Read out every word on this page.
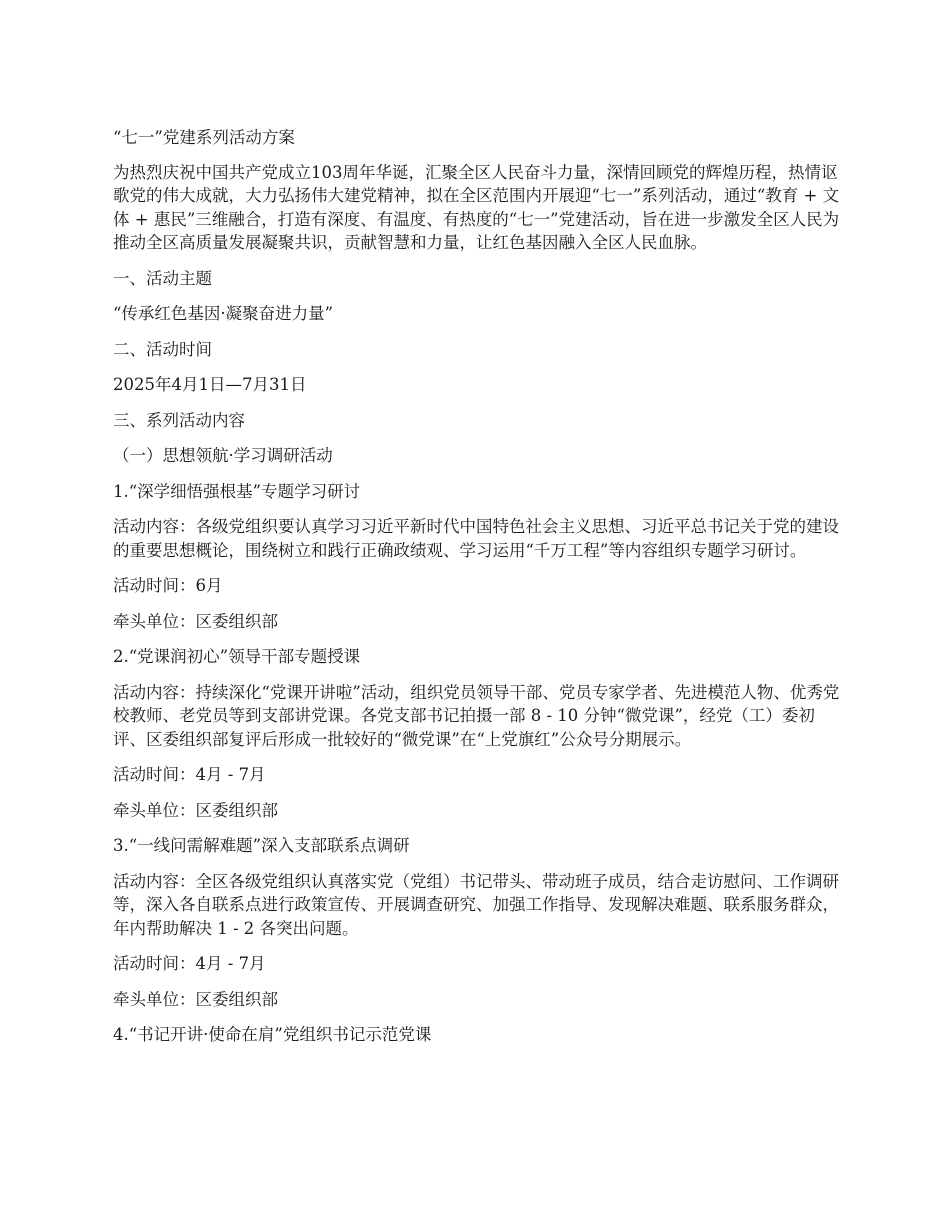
“七一”党建系列活动方案

为热烈庆祝中国共产党成立103周年华诞，汇聚全区人民奋斗力量，深情回顾党的辉煌历程，热情讴歌党的伟大成就，大力弘扬伟大建党精神，拟在全区范围内开展迎“七一”系列活动，通过“教育 + 文体 + 惠民”三维融合，打造有深度、有温度、有热度的“七一”党建活动，旨在进一步激发全区人民为推动全区高质量发展凝聚共识，贡献智慧和力量，让红色基因融入全区人民血脉。

一、活动主题

“传承红色基因·凝聚奋进力量”

二、活动时间

2025年4月1日—7月31日

三、系列活动内容

（一）思想领航·学习调研活动

1.“深学细悟强根基”专题学习研讨

活动内容：各级党组织要认真学习习近平新时代中国特色社会主义思想、习近平总书记关于党的建设的重要思想概论，围绕树立和践行正确政绩观、学习运用“千万工程”等内容组织专题学习研讨。

活动时间：6月

牵头单位：区委组织部

2.“党课润初心”领导干部专题授课

活动内容：持续深化“党课开讲啦”活动，组织党员领导干部、党员专家学者、先进模范人物、优秀党校教师、老党员等到支部讲党课。各党支部书记拍摄一部 8 - 10 分钟“微党课”，经党（工）委初评、区委组织部复评后形成一批较好的“微党课”在“上党旗红”公众号分期展示。

活动时间：4月 - 7月

牵头单位：区委组织部

3.“一线问需解难题”深入支部联系点调研

活动内容：全区各级党组织认真落实党（党组）书记带头、带动班子成员，结合走访慰问、工作调研等，深入各自联系点进行政策宣传、开展调查研究、加强工作指导、发现解决难题、联系服务群众，年内帮助解决 1 - 2 各突出问题。

活动时间：4月 - 7月

牵头单位：区委组织部

4.“书记开讲·使命在肩”党组织书记示范党课
